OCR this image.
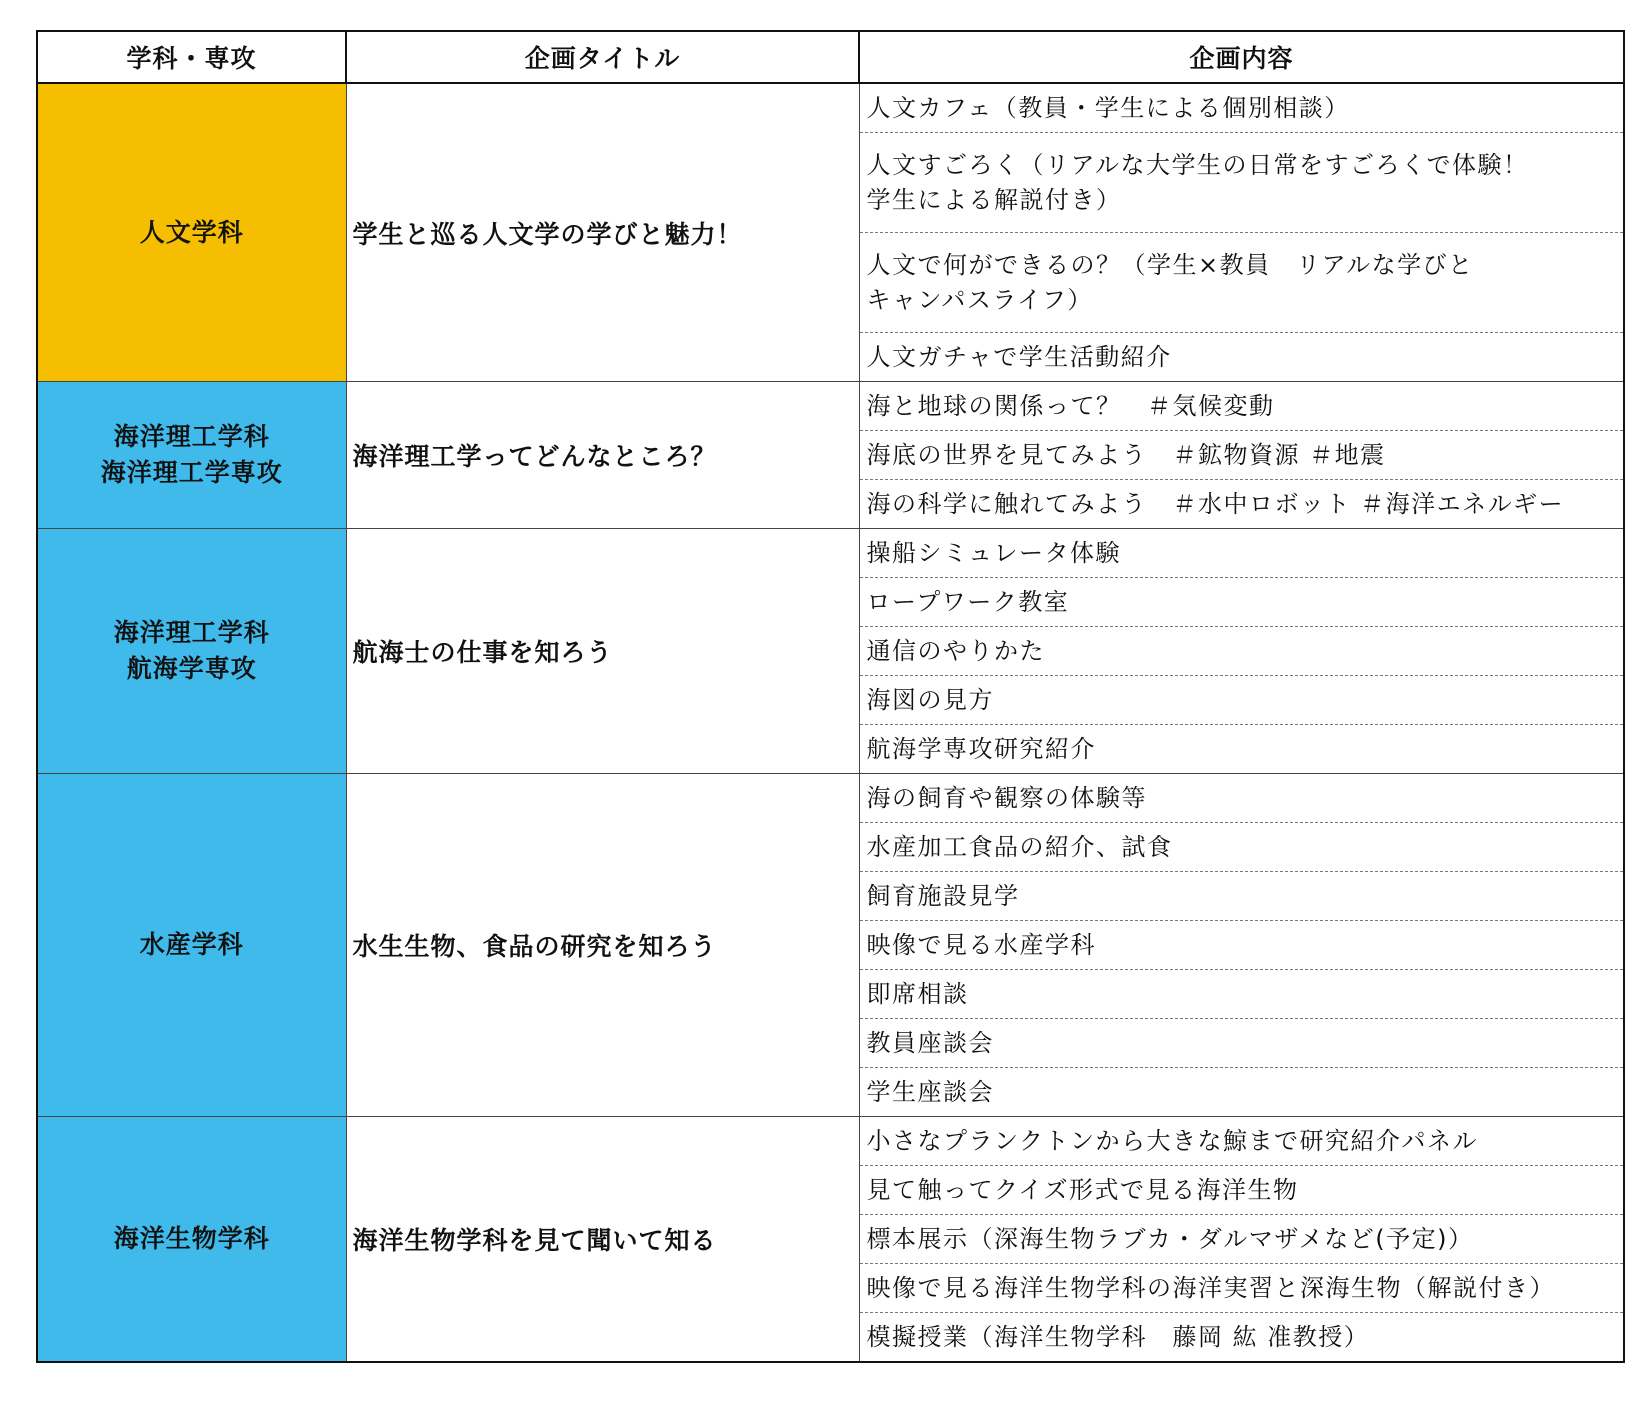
学科・専攻	企画タイトル	企画内容

人文学科	学生と巡る人文学の学びと魅力！	人文カフェ（教員・学生による個別相談）

		人文すごろく（リアルな大学生の日常をすごろくで体験！
学生による解説付き）

		人文で何ができるの？（学生×教員　リアルな学びと
キャンパスライフ）

		人文ガチャで学生活動紹介

海洋理工学科
海洋理工学専攻	海洋理工学ってどんなところ？	海と地球の関係って？　＃気候変動

		海底の世界を見てみよう　＃鉱物資源 ＃地震

		海の科学に触れてみよう　＃水中ロボット ＃海洋エネルギー

海洋理工学科
航海学専攻	航海士の仕事を知ろう	操船シミュレータ体験

		ロープワーク教室

		通信のやりかた

		海図の見方

		航海学専攻研究紹介

水産学科	水生生物、食品の研究を知ろう	海の飼育や観察の体験等

		水産加工食品の紹介、試食

		飼育施設見学

		映像で見る水産学科

		即席相談

		教員座談会

		学生座談会

海洋生物学科	海洋生物学科を見て聞いて知る	小さなプランクトンから大きな鯨まで研究紹介パネル

		見て触ってクイズ形式で見る海洋生物

		標本展示（深海生物ラブカ・ダルマザメなど(予定)）

		映像で見る海洋生物学科の海洋実習と深海生物（解説付き）

		模擬授業（海洋生物学科　藤岡 紘 准教授）
